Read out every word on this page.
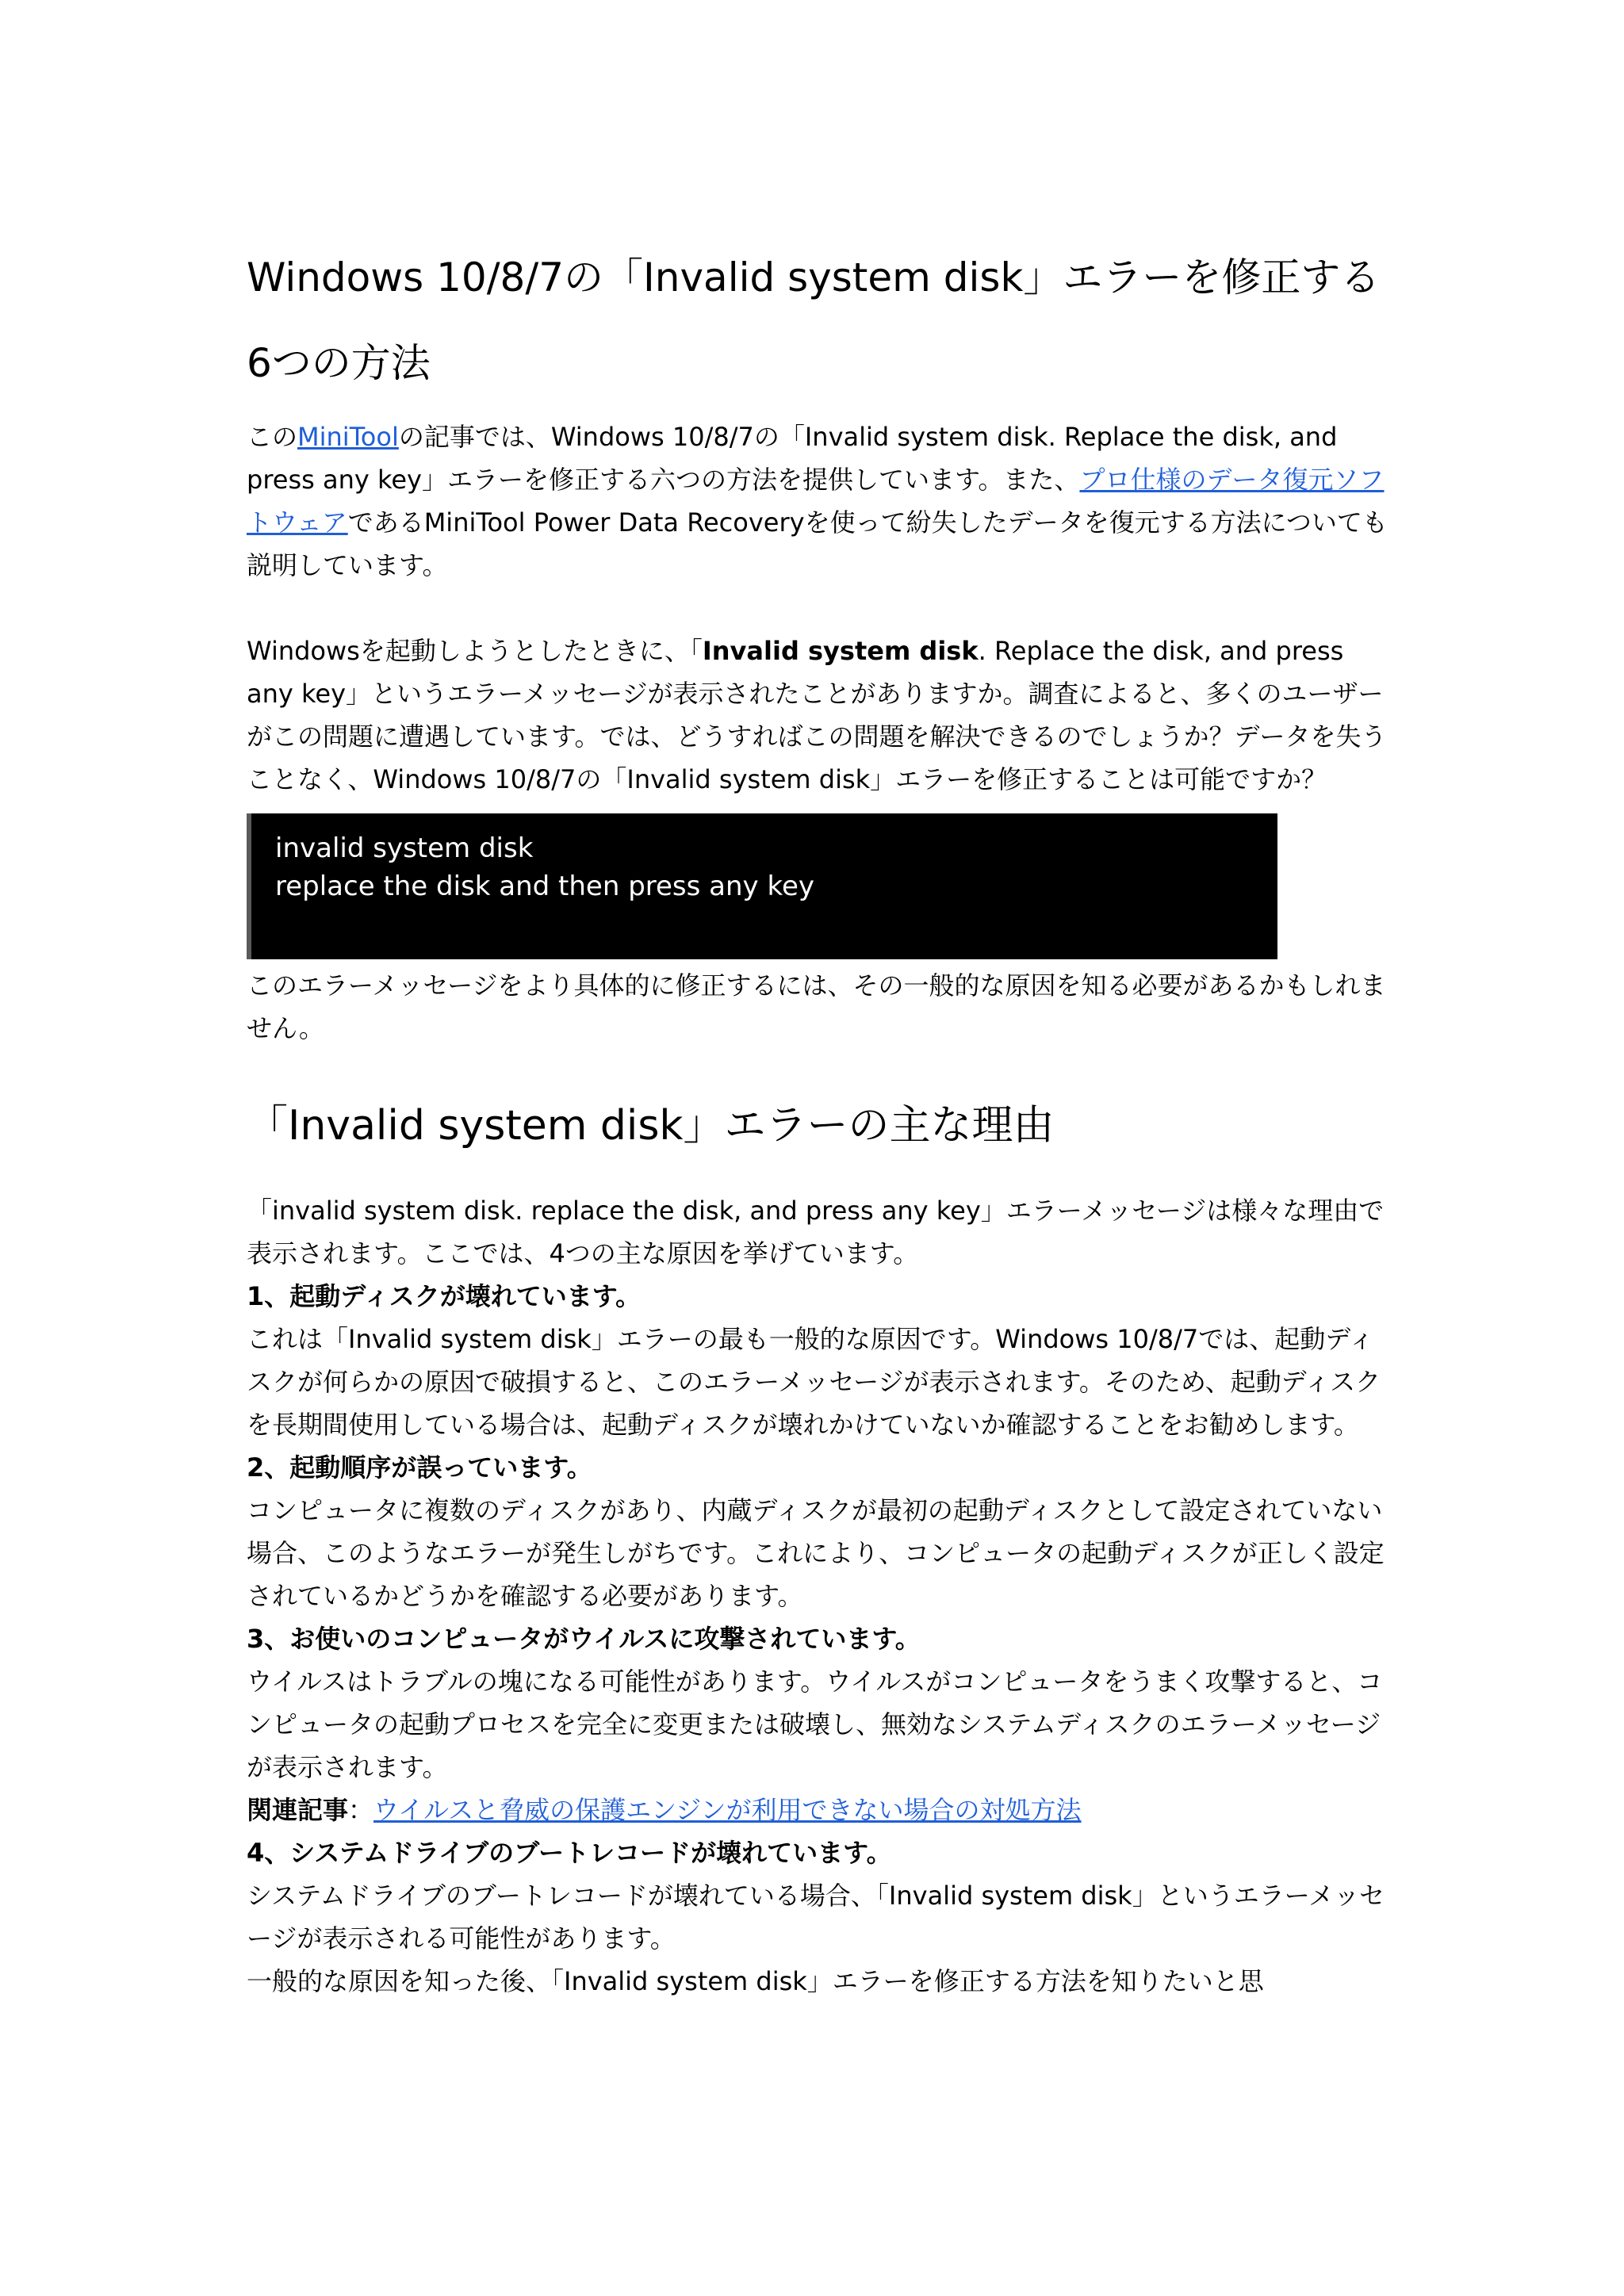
Windows 10/8/7の「Invalid system disk」エラーを修正する6つの方法

このMiniToolの記事では、Windows 10/8/7の「Invalid system disk. Replace the disk, and press any key」エラーを修正する六つの方法を提供しています。また、プロ仕様のデータ復元ソフトウェアであるMiniTool Power Data Recoveryを使って紛失したデータを復元する方法についても説明しています。

Windowsを起動しようとしたときに、「Invalid system disk. Replace the disk, and press any key」というエラーメッセージが表示されたことがありますか。調査によると、多くのユーザーがこの問題に遭遇しています。では、どうすればこの問題を解決できるのでしょうか？データを失うことなく、Windows 10/8/7の「Invalid system disk」エラーを修正することは可能ですか？

invalid system disk
replace the disk and then press any key

このエラーメッセージをより具体的に修正するには、その一般的な原因を知る必要があるかもしれません。

「Invalid system disk」エラーの主な理由

「invalid system disk. replace the disk, and press any key」エラーメッセージは様々な理由で表示されます。ここでは、4つの主な原因を挙げています。

1、起動ディスクが壊れています。

これは「Invalid system disk」エラーの最も一般的な原因です。Windows 10/8/7では、起動ディスクが何らかの原因で破損すると、このエラーメッセージが表示されます。そのため、起動ディスクを長期間使用している場合は、起動ディスクが壊れかけていないか確認することをお勧めします。

2、起動順序が誤っています。

コンピュータに複数のディスクがあり、内蔵ディスクが最初の起動ディスクとして設定されていない場合、このようなエラーが発生しがちです。これにより、コンピュータの起動ディスクが正しく設定されているかどうかを確認する必要があります。

3、お使いのコンピュータがウイルスに攻撃されています。

ウイルスはトラブルの塊になる可能性があります。ウイルスがコンピュータをうまく攻撃すると、コンピュータの起動プロセスを完全に変更または破壊し、無効なシステムディスクのエラーメッセージが表示されます。

関連記事：ウイルスと脅威の保護エンジンが利用できない場合の対処方法

4、システムドライブのブートレコードが壊れています。

システムドライブのブートレコードが壊れている場合、「Invalid system disk」というエラーメッセージが表示される可能性があります。

一般的な原因を知った後、「Invalid system disk」エラーを修正する方法を知りたいと思
